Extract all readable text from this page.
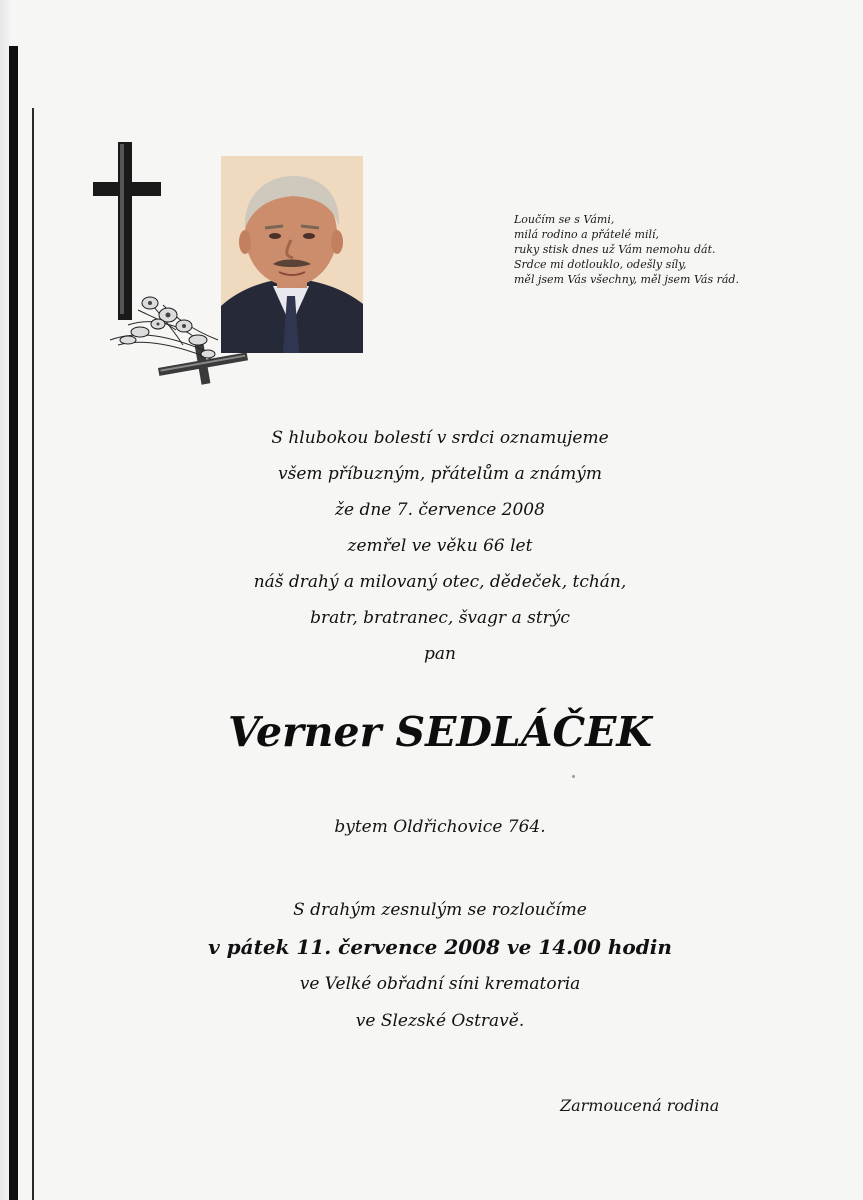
Loučím se s Vámi,
milá rodino a přátelé milí,
ruky stisk dnes už Vám nemohu dát.
Srdce mi dotlouklo, odešly síly,
měl jsem Vás všechny, měl jsem Vás rád.
S hlubokou bolestí v srdci oznamujeme
všem příbuzným, přátelům a známým
že dne 7. července 2008
zemřel ve věku 66 let
náš drahý a milovaný otec, dědeček, tchán,
bratr, bratranec, švagr a strýc
pan
Verner SEDLÁČEK
bytem Oldřichovice 764.
S drahým zesnulým se rozloučíme
v pátek 11. července 2008 ve 14.00 hodin
ve Velké obřadní síni krematoria
ve Slezské Ostravě.
Zarmoucená rodina
